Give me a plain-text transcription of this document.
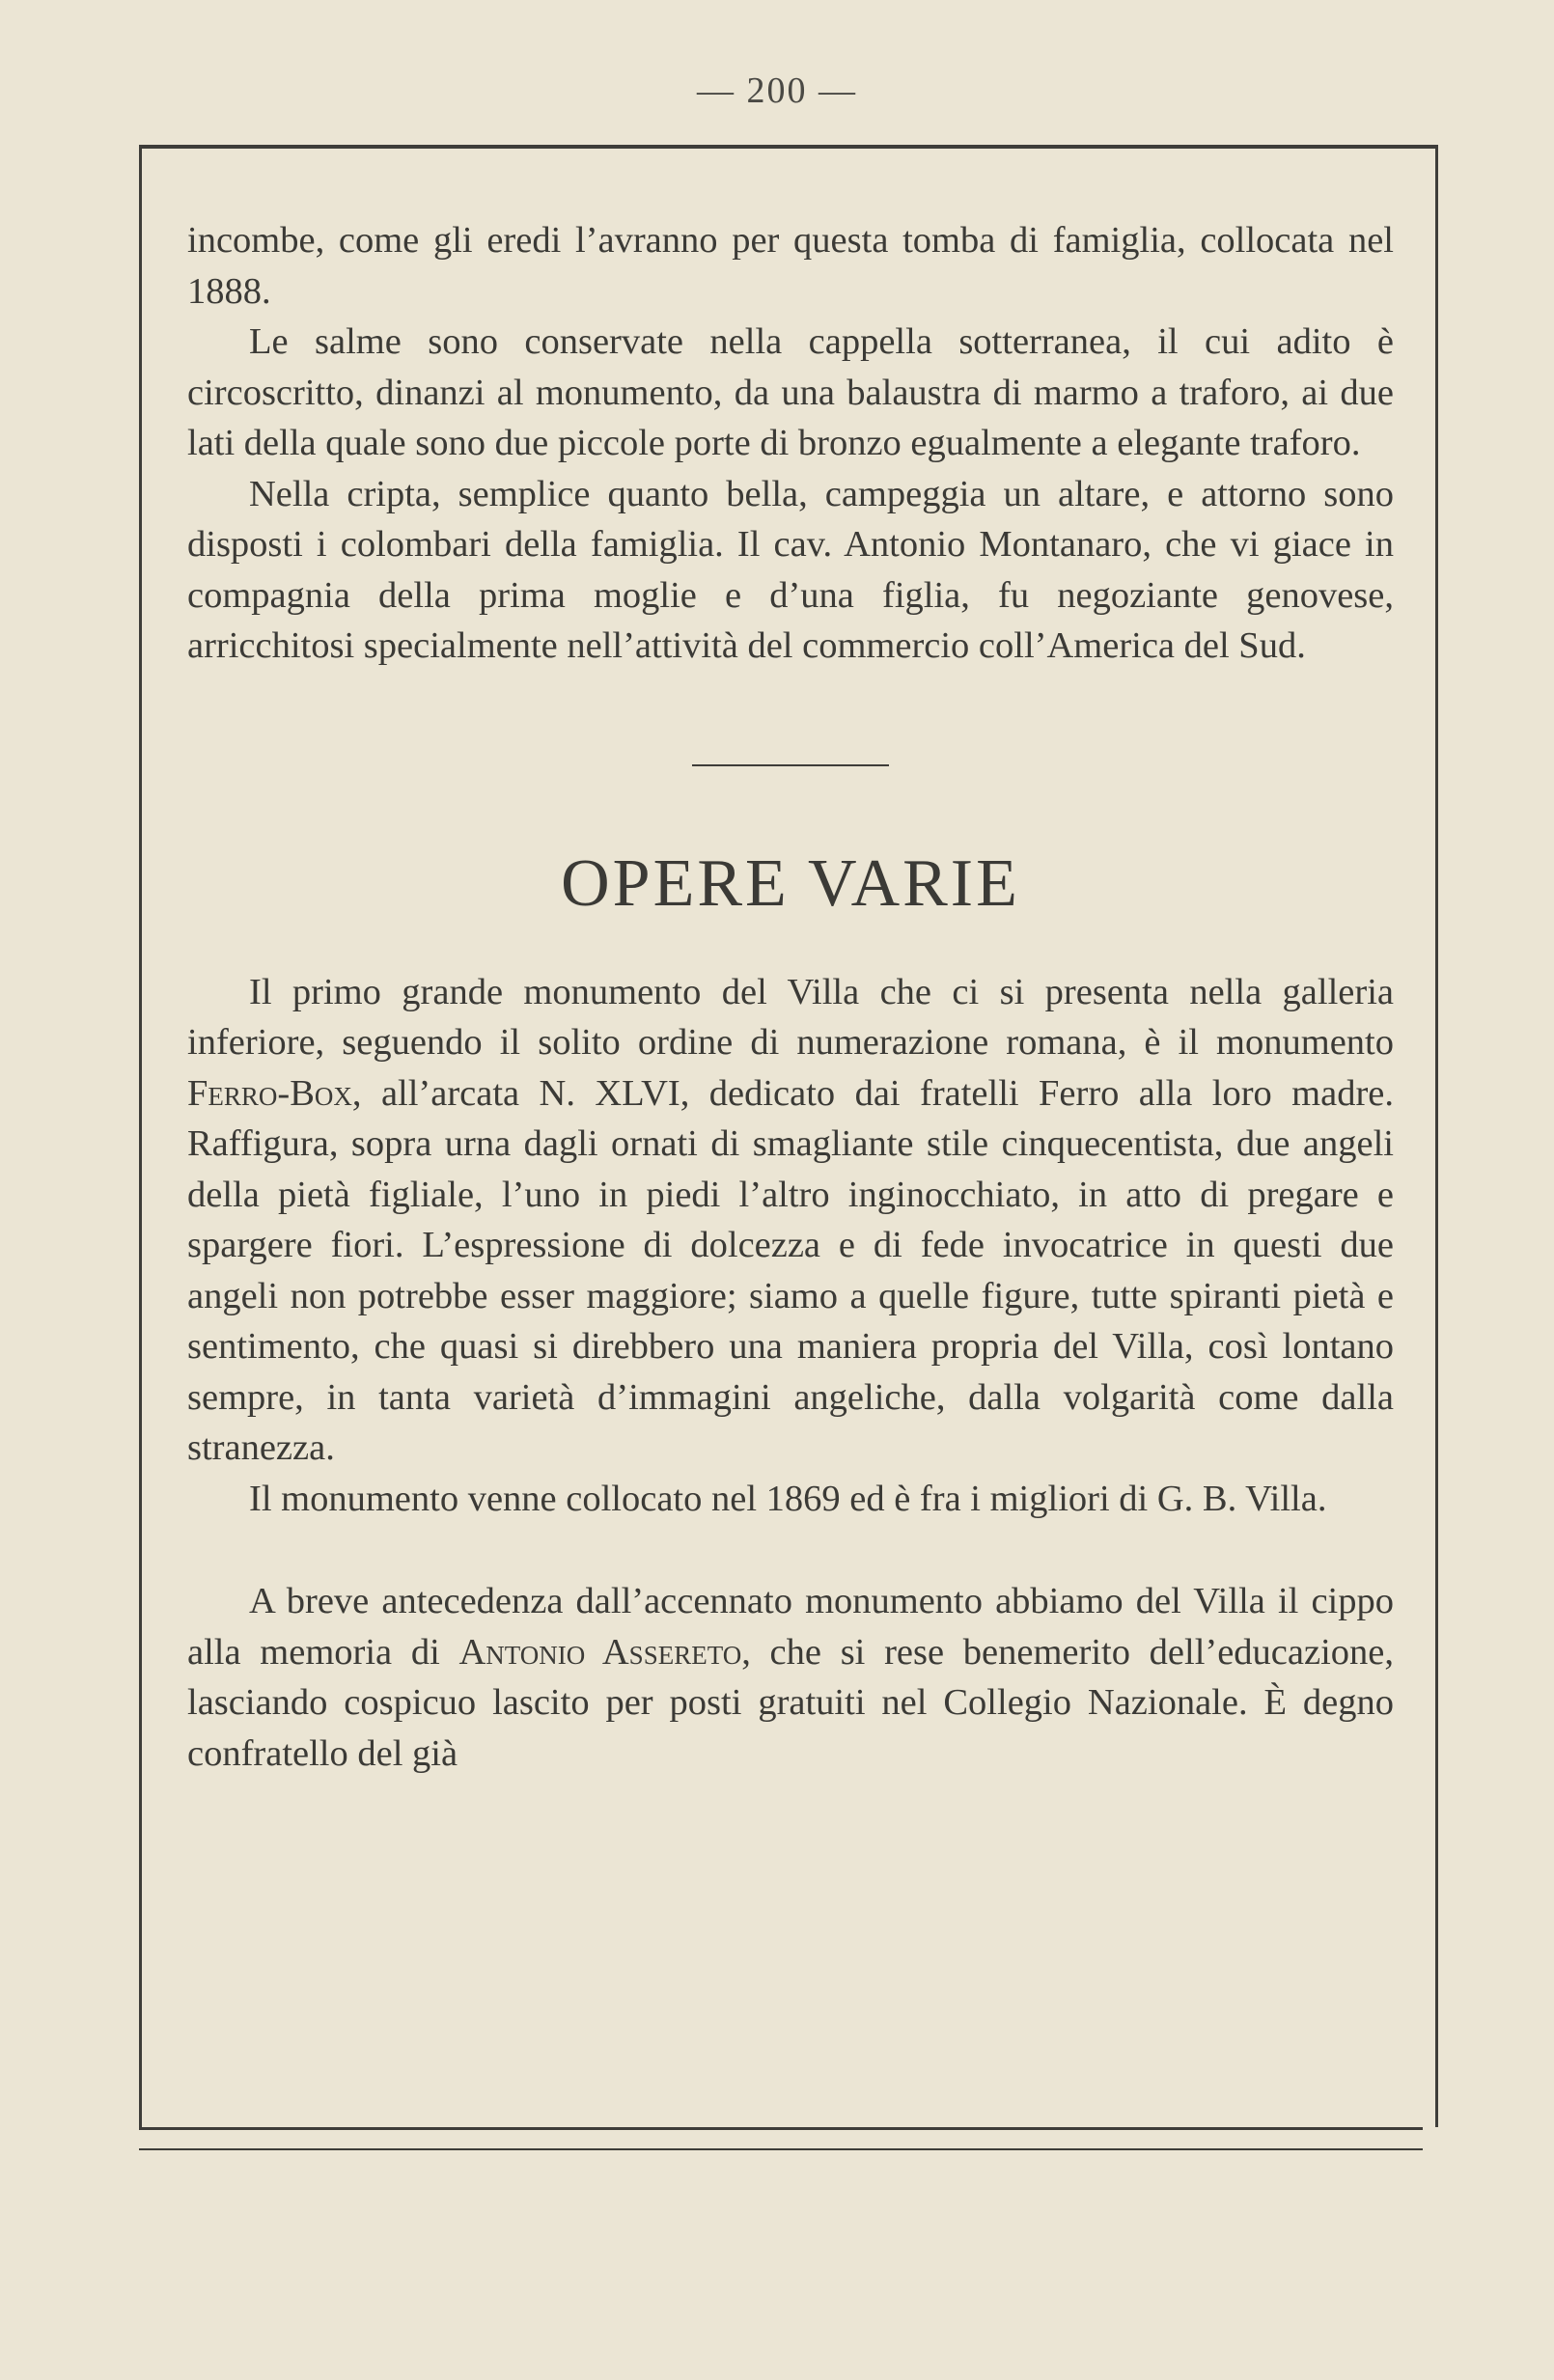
— 200 —

incombe, come gli eredi l’avranno per questa tomba di famiglia, collocata nel 1888.

Le salme sono conservate nella cappella sotterranea, il cui adito è circoscritto, dinanzi al monumento, da una balaustra di marmo a traforo, ai due lati della quale sono due piccole porte di bronzo egualmente a elegante traforo.

Nella cripta, semplice quanto bella, campeggia un altare, e attorno sono disposti i colombari della famiglia. Il cav. Antonio Montanaro, che vi giace in compagnia della prima moglie e d’una figlia, fu negoziante genovese, arricchitosi specialmente nell’attività del commercio coll’America del Sud.

OPERE VARIE

Il primo grande monumento del Villa che ci si presenta nella galleria inferiore, seguendo il solito ordine di numerazione romana, è il monumento Ferro-Box, all’arcata N. XLVI, dedicato dai fratelli Ferro alla loro madre. Raffigura, sopra urna dagli ornati di smagliante stile cinquecentista, due angeli della pietà figliale, l’uno in piedi l’altro inginocchiato, in atto di pregare e spargere fiori. L’espressione di dolcezza e di fede invocatrice in questi due angeli non potrebbe esser maggiore; siamo a quelle figure, tutte spiranti pietà e sentimento, che quasi si direbbero una maniera propria del Villa, così lontano sempre, in tanta varietà d’immagini angeliche, dalla volgarità come dalla stranezza.

Il monumento venne collocato nel 1869 ed è fra i migliori di G. B. Villa.

A breve antecedenza dall’accennato monumento abbiamo del Villa il cippo alla memoria di Antonio Assereto, che si rese benemerito dell’educazione, lasciando cospicuo lascito per posti gratuiti nel Collegio Nazionale. È degno confratello del già
